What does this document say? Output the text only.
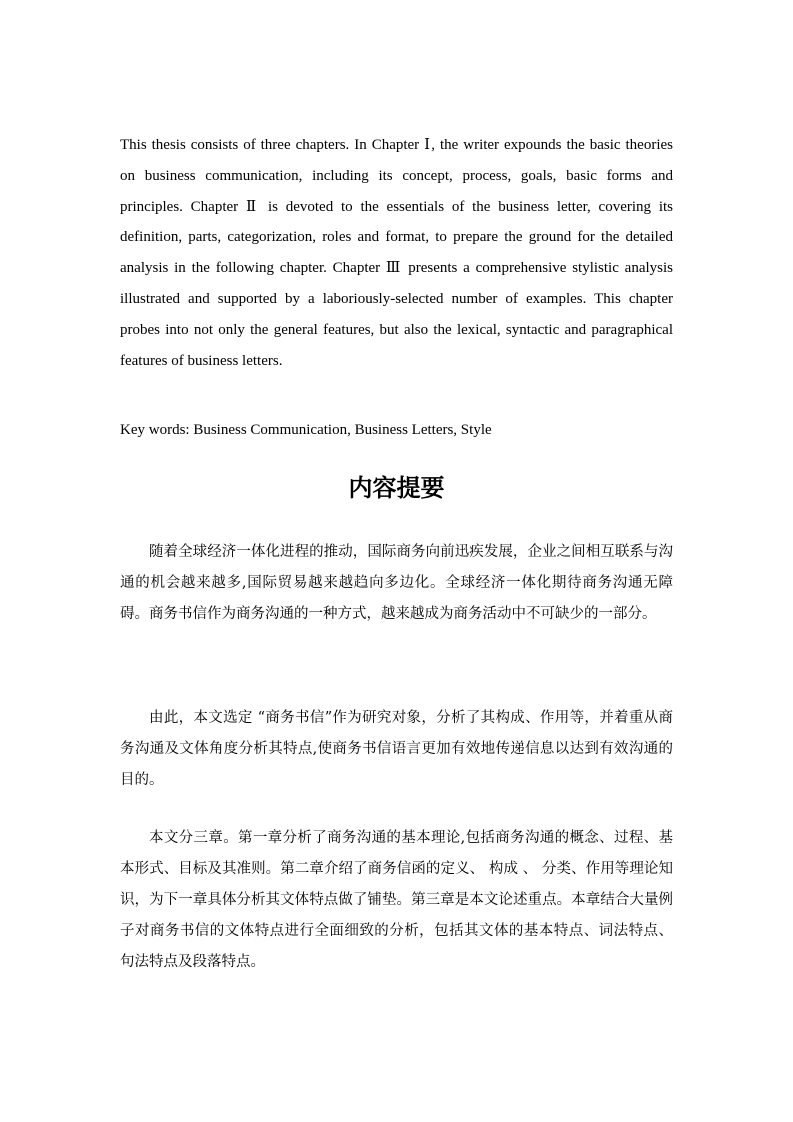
This thesis consists of three chapters. In Chapter Ⅰ, the writer expounds the basic theories on business communication, including its concept, process, goals, basic forms and principles. Chapter Ⅱ is devoted to the essentials of the business letter, covering its definition, parts, categorization, roles and format, to prepare the ground for the detailed analysis in the following chapter. Chapter Ⅲ presents a comprehensive stylistic analysis illustrated and supported by a laboriously-selected number of examples. This chapter probes into not only the general features, but also the lexical, syntactic and paragraphical features of business letters.

Key words: Business Communication, Business Letters, Style

内容提要

随着全球经济一体化进程的推动，国际商务向前迅疾发展，企业之间相互联系与沟通的机会越来越多,国际贸易越来越趋向多边化。全球经济一体化期待商务沟通无障碍。商务书信作为商务沟通的一种方式，越来越成为商务活动中不可缺少的一部分。

由此，本文选定 “商务书信”作为研究对象，分析了其构成、作用等，并着重从商务沟通及文体角度分析其特点,使商务书信语言更加有效地传递信息以达到有效沟通的目的。

本文分三章。第一章分析了商务沟通的基本理论,包括商务沟通的概念、过程、基本形式、目标及其准则。第二章介绍了商务信函的定义、 构成 、 分类、作用等理论知识，为下一章具体分析其文体特点做了铺垫。第三章是本文论述重点。本章结合大量例子对商务书信的文体特点进行全面细致的分析，包括其文体的基本特点、词法特点、 句法特点及段落特点。
